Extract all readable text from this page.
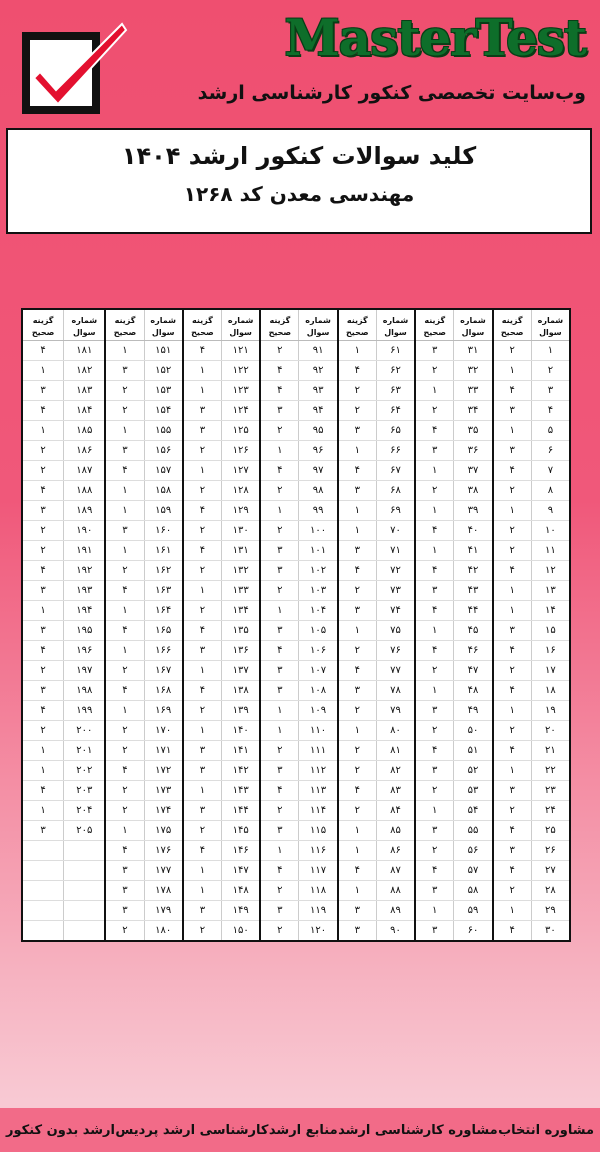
MasterTest
وب‌سایت تخصصی کنکور کارشناسی ارشد
کلید سوالات کنکور ارشد ۱۴۰۴
مهندسی معدن کد ۱۲۶۸
شماره
سوال
گزینه
صحیح
۱
۲
۲
۱
۳
۴
۴
۳
۵
۱
۶
۳
۷
۴
۸
۲
۹
۱
۱۰
۲
۱۱
۲
۱۲
۴
۱۳
۱
۱۴
۱
۱۵
۳
۱۶
۴
۱۷
۲
۱۸
۴
۱۹
۱
۲۰
۲
۲۱
۴
۲۲
۱
۲۳
۳
۲۴
۲
۲۵
۴
۲۶
۳
۲۷
۴
۲۸
۲
۲۹
۱
۳۰
۴
شماره
سوال
گزینه
صحیح
۳۱
۳
۳۲
۲
۳۳
۱
۳۴
۲
۳۵
۴
۳۶
۳
۳۷
۱
۳۸
۲
۳۹
۱
۴۰
۴
۴۱
۱
۴۲
۴
۴۳
۳
۴۴
۴
۴۵
۱
۴۶
۴
۴۷
۲
۴۸
۱
۴۹
۳
۵۰
۲
۵۱
۴
۵۲
۳
۵۳
۲
۵۴
۱
۵۵
۳
۵۶
۲
۵۷
۴
۵۸
۳
۵۹
۱
۶۰
۳
شماره
سوال
گزینه
صحیح
۶۱
۱
۶۲
۴
۶۳
۲
۶۴
۲
۶۵
۳
۶۶
۱
۶۷
۴
۶۸
۳
۶۹
۱
۷۰
۱
۷۱
۳
۷۲
۴
۷۳
۲
۷۴
۳
۷۵
۱
۷۶
۲
۷۷
۴
۷۸
۳
۷۹
۲
۸۰
۱
۸۱
۲
۸۲
۲
۸۳
۴
۸۴
۲
۸۵
۱
۸۶
۱
۸۷
۴
۸۸
۱
۸۹
۳
۹۰
۳
شماره
سوال
گزینه
صحیح
۹۱
۲
۹۲
۴
۹۳
۴
۹۴
۳
۹۵
۲
۹۶
۱
۹۷
۴
۹۸
۲
۹۹
۱
۱۰۰
۲
۱۰۱
۳
۱۰۲
۳
۱۰۳
۲
۱۰۴
۱
۱۰۵
۳
۱۰۶
۴
۱۰۷
۳
۱۰۸
۳
۱۰۹
۱
۱۱۰
۱
۱۱۱
۲
۱۱۲
۳
۱۱۳
۴
۱۱۴
۲
۱۱۵
۳
۱۱۶
۱
۱۱۷
۴
۱۱۸
۲
۱۱۹
۳
۱۲۰
۲
شماره
سوال
گزینه
صحیح
۱۲۱
۴
۱۲۲
۱
۱۲۳
۱
۱۲۴
۳
۱۲۵
۳
۱۲۶
۲
۱۲۷
۱
۱۲۸
۲
۱۲۹
۴
۱۳۰
۲
۱۳۱
۴
۱۳۲
۲
۱۳۳
۱
۱۳۴
۲
۱۳۵
۴
۱۳۶
۳
۱۳۷
۱
۱۳۸
۴
۱۳۹
۲
۱۴۰
۱
۱۴۱
۳
۱۴۲
۳
۱۴۳
۱
۱۴۴
۳
۱۴۵
۲
۱۴۶
۴
۱۴۷
۱
۱۴۸
۱
۱۴۹
۳
۱۵۰
۲
شماره
سوال
گزینه
صحیح
۱۵۱
۱
۱۵۲
۳
۱۵۳
۲
۱۵۴
۲
۱۵۵
۱
۱۵۶
۳
۱۵۷
۴
۱۵۸
۱
۱۵۹
۱
۱۶۰
۳
۱۶۱
۱
۱۶۲
۲
۱۶۳
۴
۱۶۴
۱
۱۶۵
۴
۱۶۶
۱
۱۶۷
۲
۱۶۸
۴
۱۶۹
۱
۱۷۰
۲
۱۷۱
۲
۱۷۲
۴
۱۷۳
۲
۱۷۴
۲
۱۷۵
۱
۱۷۶
۴
۱۷۷
۳
۱۷۸
۳
۱۷۹
۳
۱۸۰
۲
شماره
سوال
گزینه
صحیح
۱۸۱
۴
۱۸۲
۱
۱۸۳
۳
۱۸۴
۴
۱۸۵
۱
۱۸۶
۲
۱۸۷
۲
۱۸۸
۴
۱۸۹
۳
۱۹۰
۲
۱۹۱
۲
۱۹۲
۴
۱۹۳
۳
۱۹۴
۱
۱۹۵
۳
۱۹۶
۴
۱۹۷
۲
۱۹۸
۳
۱۹۹
۴
۲۰۰
۲
۲۰۱
۱
۲۰۲
۱
۲۰۳
۴
۲۰۴
۱
۲۰۵
۳
ارشد بدون کنکور کارشناسی ارشد پردیس منابع ارشد مشاوره کارشناسی ارشد مشاوره انتخاب
